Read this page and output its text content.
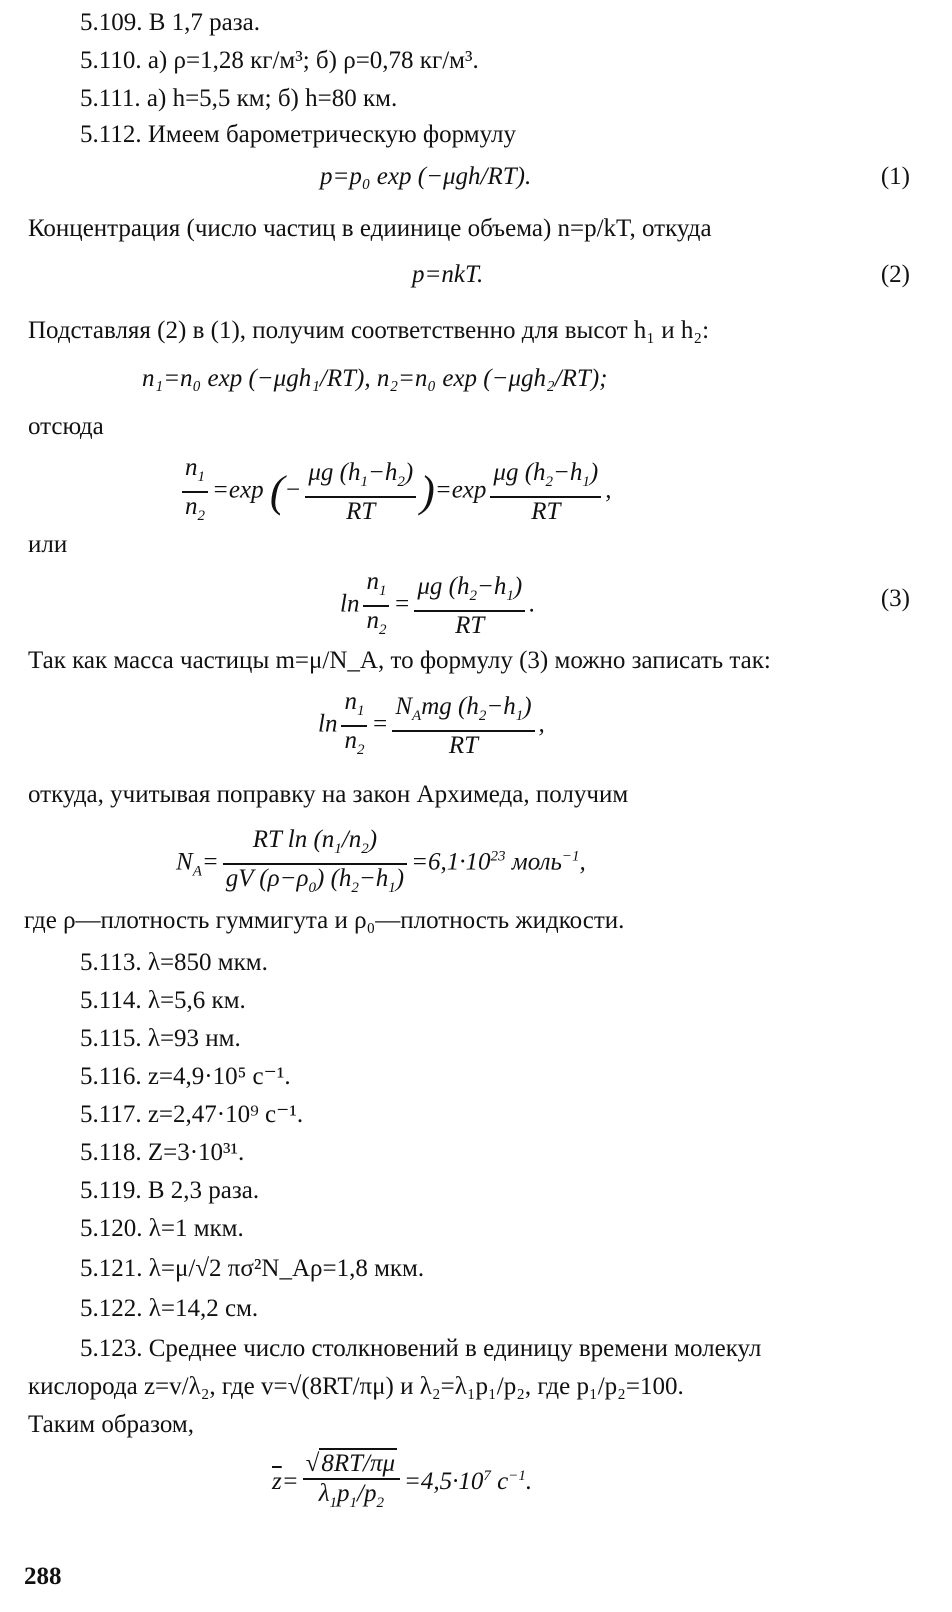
5.109. В 1,7 раза.
5.110. а) ρ=1,28 кг/м³; б) ρ=0,78 кг/м³.
5.111. а) h=5,5 км; б) h=80 км.
5.112. Имеем барометрическую формулу
p=p₀ exp (−μgh/RT).	(1)
Концентрация (число частиц в едиинице объема) n=p/kT, откуда
p=nkT.	(2)
Подставляя (2) в (1), получим соответственно для высот h₁ и h₂:
n₁=n₀ exp (−μgh₁/RT), n₂=n₀ exp (−μgh₂/RT);
отсюда
$\frac{n_1}{n_2} =\exp$ (− $\frac{\mu g (h_1-h_2)}{RT} )=\exp \frac{\mu g (h_2-h_1)}{RT}$ ,
или
$\ln \frac{n_1}{n_2} = \frac{\mu g (h_2-h_1)}{RT}$ .	(3)
Так как масса частицы m=μ/N_A, то формулу (3) можно записать так:
$\ln \frac{n_1}{n_2} = \frac{N_Amg (h_2-h_1)}{RT}$ ,
откуда, учитывая поправку на закон Архимеда, получим
$N_A= \frac{RT \ln (n_1/n_2)}{gV (\rho-\rho_0) (h_2-h_1)} =6,1\cdot 10^{23}$ моль$^{-1}$,
где ρ—плотность гуммигута и ρ₀—плотность жидкости.
5.113. λ=850 мкм.
5.114. λ=5,6 км.
5.115. λ=93 нм.
5.116. z=4,9·10⁵ с⁻¹.
5.117. z=2,47·10⁹ с⁻¹.
5.118. Z=3·10³¹.
5.119. В 2,3 раза.
5.120. λ=1 мкм.
5.121. λ=μ/√2 πσ²N_Aρ=1,8 мкм.
5.122. λ=14,2 см.
5.123. Среднее число столкновений в единицу времени молекул
кислорода z=v/λ₂, где v=√(8RT/πμ) и λ₂=λ₁p₁/p₂, где p₁/p₂=100.
Таким образом,
$\overline{z}= \frac{√8RT/\pi\mu}{\overline{\lambda}_1p_1/p_2} =4,5\cdot 10^7$ $с^{-1}$.
288
